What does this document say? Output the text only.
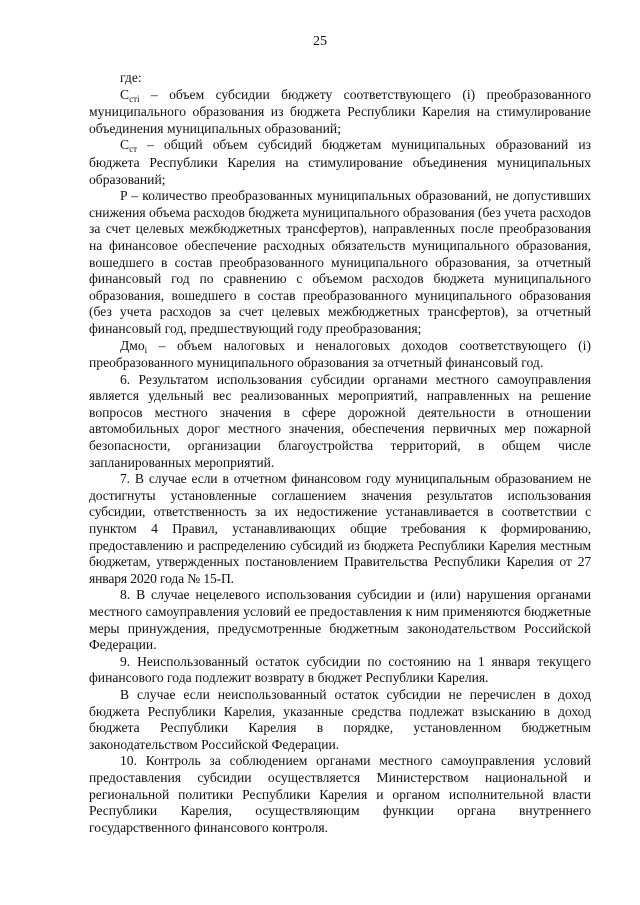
25

где:

$C_{сті}$ – объем субсидии бюджету соответствующего (i) преобразованного муниципального образования из бюджета Республики Карелия на стимулирование объединения муниципальных образований;

$C_{ст}$ – общий объем субсидий бюджетам муниципальных образований из бюджета Республики Карелия на стимулирование объединения муниципальных образований;

P – количество преобразованных муниципальных образований, не допустивших снижения объема расходов бюджета муниципального образования (без учета расходов за счет целевых межбюджетных трансфертов), направленных после преобразования на финансовое обеспечение расходных обязательств муниципального образования, вошедшего в состав преобразованного муниципального образования, за отчетный финансовый год по сравнению с объемом расходов бюджета муниципального образования, вошедшего в состав преобразованного муниципального образования (без учета расходов за счет целевых межбюджетных трансфертов), за отчетный финансовый год, предшествующий году преобразования;

Дмо$_i$ – объем налоговых и неналоговых доходов соответствующего (i) преобразованного муниципального образования за отчетный финансовый год.

6. Результатом использования субсидии органами местного самоуправления является удельный вес реализованных мероприятий, направленных на решение вопросов местного значения в сфере дорожной деятельности в отношении автомобильных дорог местного значения, обеспечения первичных мер пожарной безопасности, организации благоустройства территорий, в общем числе запланированных мероприятий.

7. В случае если в отчетном финансовом году муниципальным образованием не достигнуты установленные соглашением значения результатов использования субсидии, ответственность за их недостижение устанавливается в соответствии с пунктом 4 Правил, устанавливающих общие требования к формированию, предоставлению и распределению субсидий из бюджета Республики Карелия местным бюджетам, утвержденных постановлением Правительства Республики Карелия от 27 января 2020 года № 15-П.

8. В случае нецелевого использования субсидии и (или) нарушения органами местного самоуправления условий ее предоставления к ним применяются бюджетные меры принуждения, предусмотренные бюджетным законодательством Российской Федерации.

9. Неиспользованный остаток субсидии по состоянию на 1 января текущего финансового года подлежит возврату в бюджет Республики Карелия.

В случае если неиспользованный остаток субсидии не перечислен в доход бюджета Республики Карелия, указанные средства подлежат взысканию в доход бюджета Республики Карелия в порядке, установленном бюджетным законодательством Российской Федерации.

10. Контроль за соблюдением органами местного самоуправления условий предоставления субсидии осуществляется Министерством национальной и региональной политики Республики Карелия и органом исполнительной власти Республики Карелия, осуществляющим функции органа внутреннего государственного финансового контроля.
